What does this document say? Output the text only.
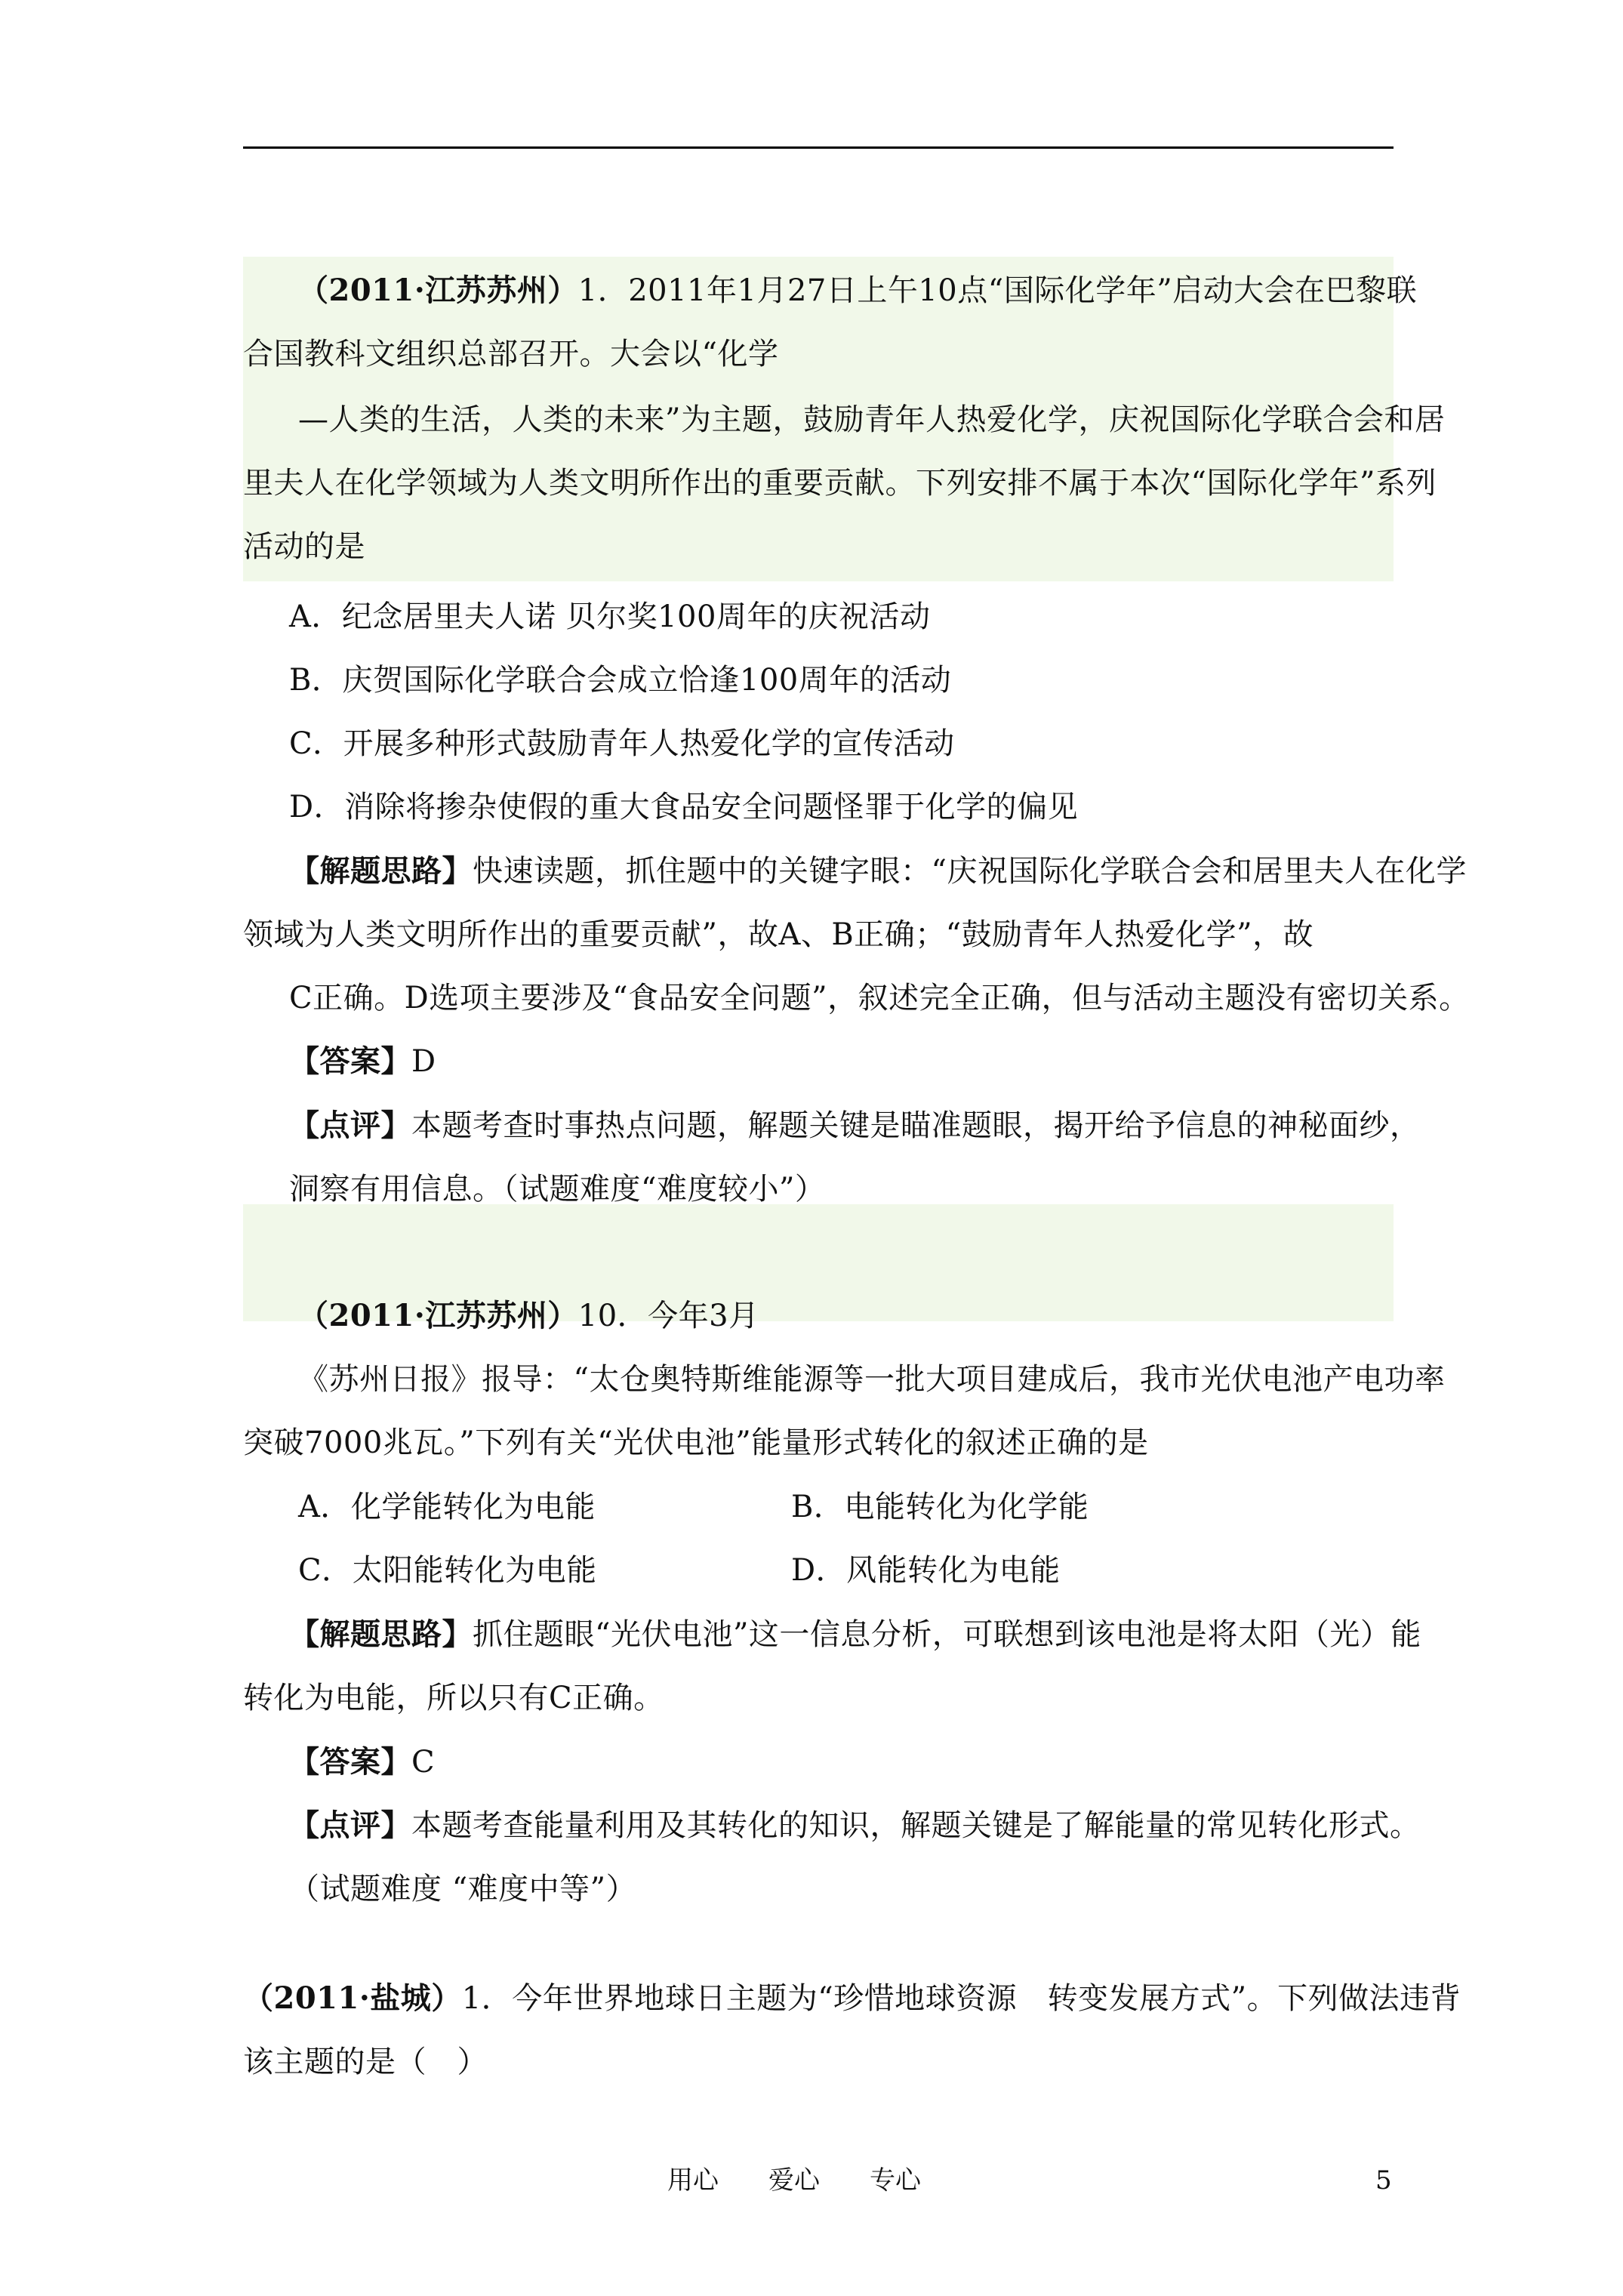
（2011·江苏苏州）1．2011年1月27日上午10点“国际化学年”启动大会在巴黎联
合国教科文组织总部召开。大会以“化学
—人类的生活，人类的未来”为主题，鼓励青年人热爱化学，庆祝国际化学联合会和居
里夫人在化学领域为人类文明所作出的重要贡献。下列安排不属于本次“国际化学年”系列
活动的是
A．纪念居里夫人诺 贝尔奖100周年的庆祝活动
B．庆贺国际化学联合会成立恰逢100周年的活动
C．开展多种形式鼓励青年人热爱化学的宣传活动
D．消除将掺杂使假的重大食品安全问题怪罪于化学的偏见
【解题思路】快速读题，抓住题中的关键字眼：“庆祝国际化学联合会和居里夫人在化学
领域为人类文明所作出的重要贡献”，故A、B正确；“鼓励青年人热爱化学”，故
C正确。D选项主要涉及“食品安全问题”，叙述完全正确，但与活动主题没有密切关系。
【答案】D
【点评】本题考查时事热点问题，解题关键是瞄准题眼，揭开给予信息的神秘面纱，
洞察有用信息。（试题难度“难度较小”）
（2011·江苏苏州）10．今年3月
《苏州日报》报导：“太仓奥特斯维能源等一批大项目建成后，我市光伏电池产电功率
突破7000兆瓦。”下列有关“光伏电池”能量形式转化的叙述正确的是
A．化学能转化为电能	B．电能转化为化学能
C．太阳能转化为电能	D．风能转化为电能
【解题思路】抓住题眼“光伏电池”这一信息分析，可联想到该电池是将太阳（光）能
转化为电能，所以只有C正确。
【答案】C
【点评】本题考查能量利用及其转化的知识，解题关键是了解能量的常见转化形式。
（试题难度 “难度中等”）
（2011·盐城）1．今年世界地球日主题为“珍惜地球资源　转变发展方式”。下列做法违背
该主题的是（　）
用心 爱心 专心	5
